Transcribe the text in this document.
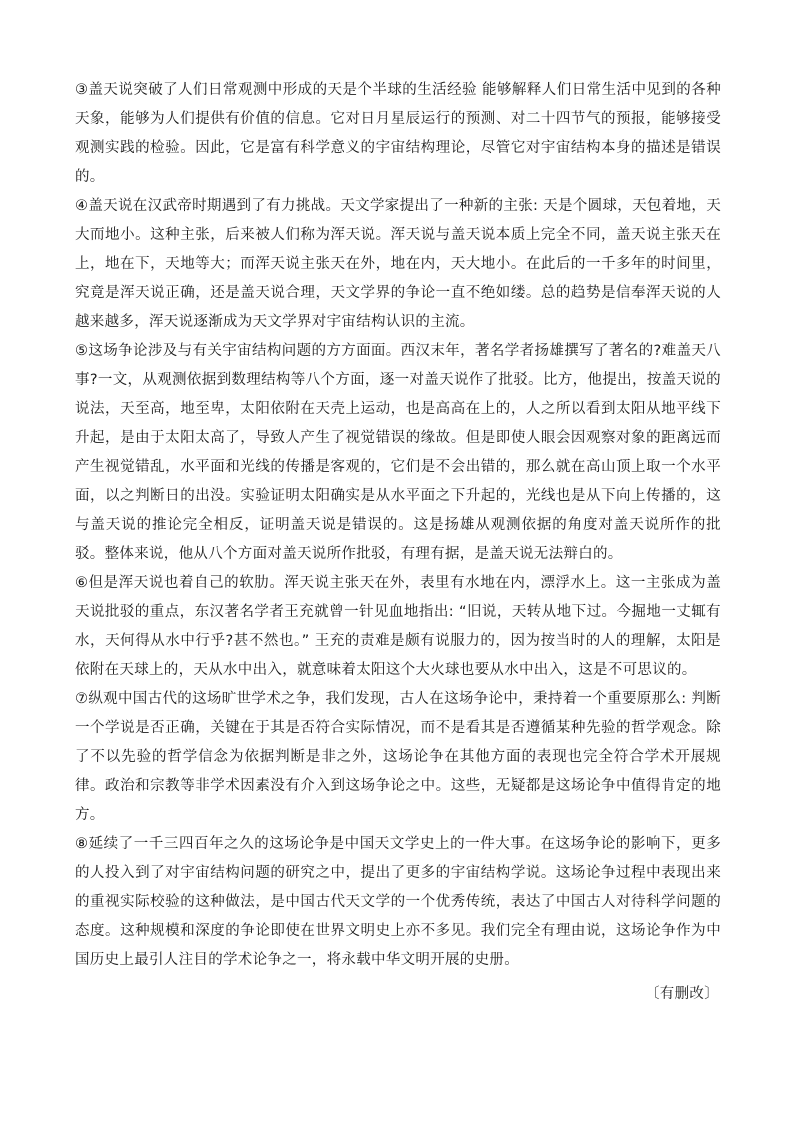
③盖天说突破了人们日常观测中形成的天是个半球的生活经验 能够解释人们日常生活中见到的各种天象，能够为人们提供有价值的信息。它对日月星辰运行的预测、对二十四节气的预报，能够接受观测实践的检验。因此，它是富有科学意义的宇宙结构理论，尽管它对宇宙结构本身的描述是错误的。

④盖天说在汉武帝时期遇到了有力挑战。天文学家提出了一种新的主张: 天是个圆球，天包着地，天大而地小。这种主张，后来被人们称为浑天说。浑天说与盖天说本质上完全不同，盖天说主张天在上，地在下，天地等大；而浑天说主张天在外，地在内，天大地小。在此后的一千多年的时间里，究竟是浑天说正确，还是盖天说合理，天文学界的争论一直不绝如缕。总的趋势是信奉浑天说的人越来越多，浑天说逐渐成为天文学界对宇宙结构认识的主流。

⑤这场争论涉及与有关宇宙结构问题的方方面面。西汉末年，著名学者扬雄撰写了著名的?难盖天八事?一文，从观测依据到数理结构等八个方面，逐一对盖天说作了批驳。比方，他提出，按盖天说的说法，天至高，地至卑，太阳依附在天壳上运动，也是高高在上的，人之所以看到太阳从地平线下升起，是由于太阳太高了，导致人产生了视觉错误的缘故。但是即使人眼会因观察对象的距离远而产生视觉错乱，水平面和光线的传播是客观的，它们是不会出错的，那么就在高山顶上取一个水平面，以之判断日的出没。实验证明太阳确实是从水平面之下升起的，光线也是从下向上传播的，这与盖天说的推论完全相反，证明盖天说是错误的。这是扬雄从观测依据的角度对盖天说所作的批驳。整体来说，他从八个方面对盖天说所作批驳，有理有据，是盖天说无法辩白的。

⑥但是浑天说也着自己的软肋。浑天说主张天在外，表里有水地在内，漂浮水上。这一主张成为盖天说批驳的重点，东汉著名学者王充就曾一针见血地指出: “旧说，天转从地下过。今掘地一丈辄有水，天何得从水中行乎?甚不然也。” 王充的责难是颇有说服力的，因为按当时的人的理解，太阳是依附在天球上的，天从水中出入，就意味着太阳这个大火球也要从水中出入，这是不可思议的。

⑦纵观中国古代的这场旷世学术之争，我们发现，古人在这场争论中，秉持着一个重要原那么: 判断一个学说是否正确，关键在于其是否符合实际情况，而不是看其是否遵循某种先验的哲学观念。除了不以先验的哲学信念为依据判断是非之外，这场论争在其他方面的表现也完全符合学术开展规律。政治和宗教等非学术因素没有介入到这场争论之中。这些，无疑都是这场论争中值得肯定的地方。

⑧延续了一千三四百年之久的这场论争是中国天文学史上的一件大事。在这场争论的影响下，更多的人投入到了对宇宙结构问题的研究之中，提出了更多的宇宙结构学说。这场论争过程中表现出来的重视实际校验的这种做法，是中国古代天文学的一个优秀传统，表达了中国古人对待科学问题的态度。这种规模和深度的争论即使在世界文明史上亦不多见。我们完全有理由说，这场论争作为中国历史上最引人注目的学术论争之一，将永载中华文明开展的史册。

〔有删改〕
